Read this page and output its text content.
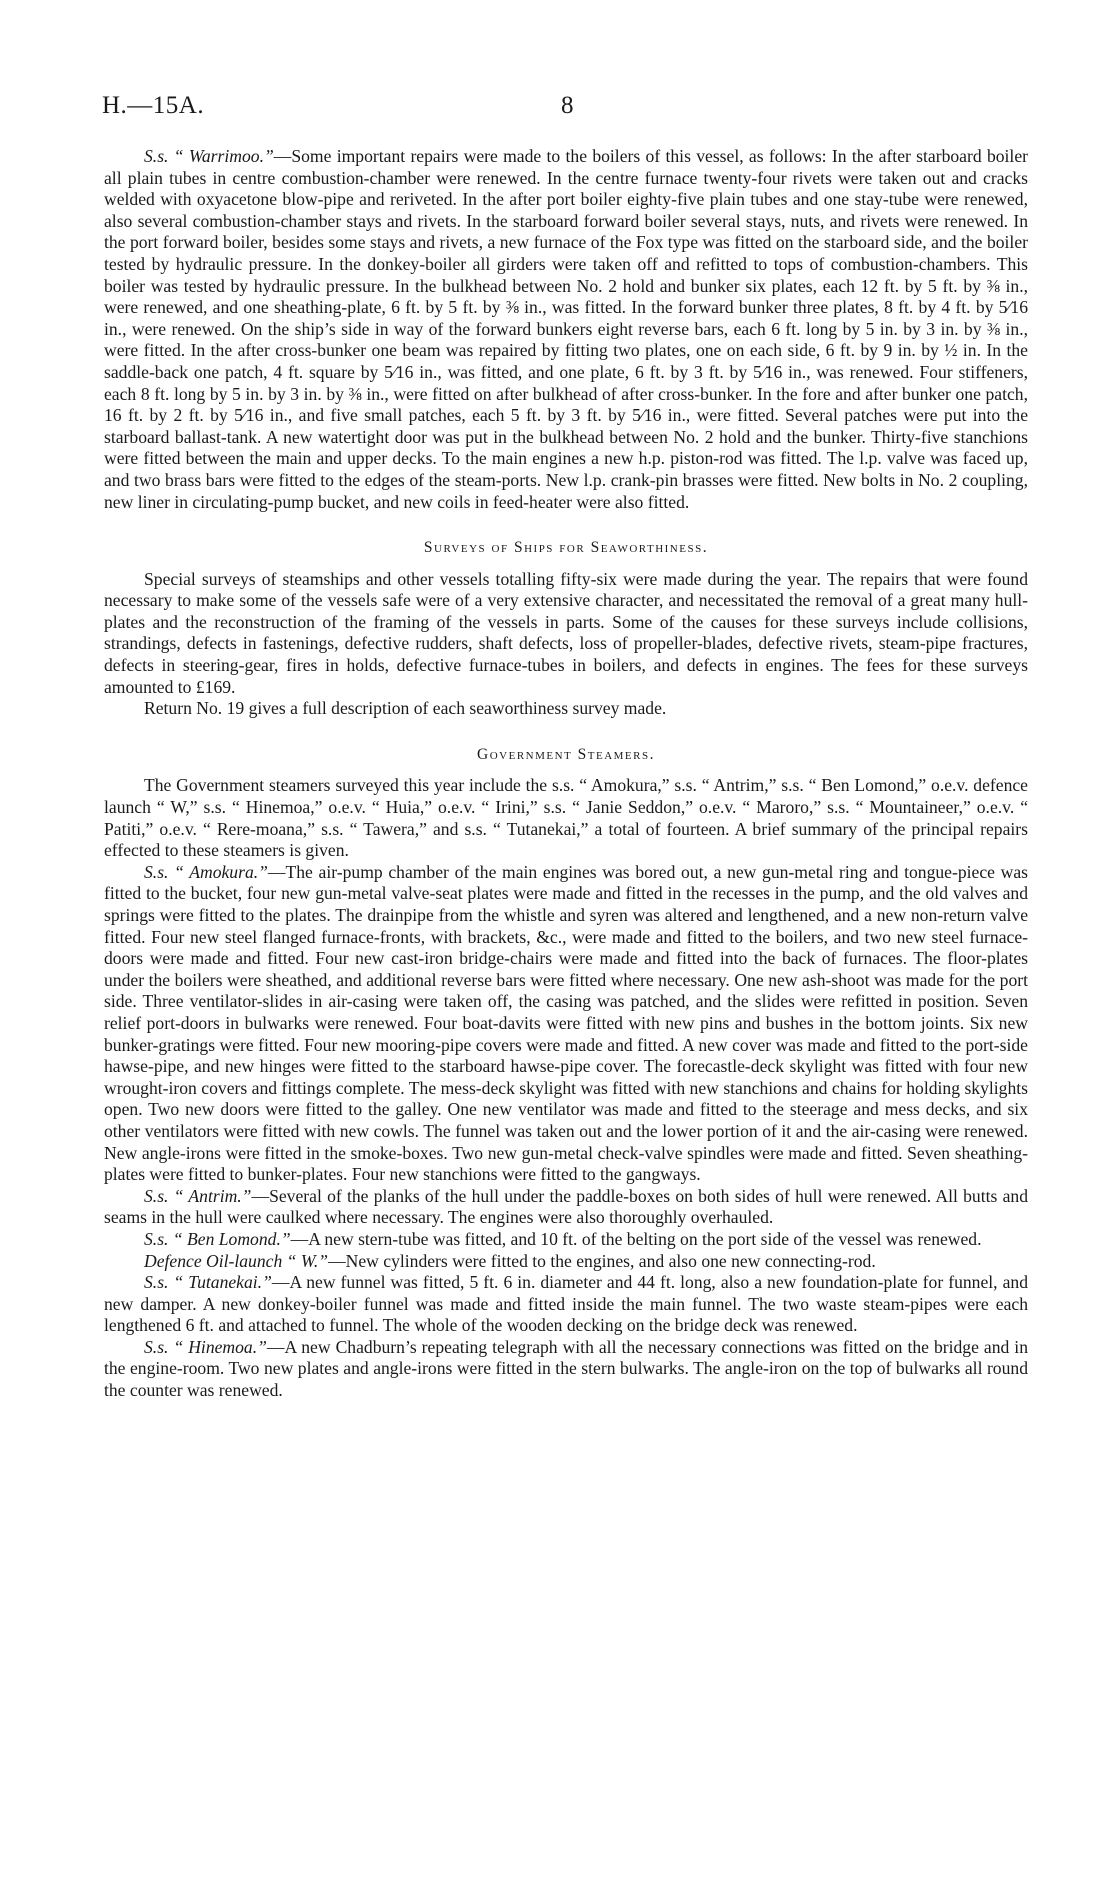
H.—15A.	8

S.s. “ Warrimoo.”—Some important repairs were made to the boilers of this vessel, as follows: In the after starboard boiler all plain tubes in centre combustion-chamber were renewed. In the centre furnace twenty-four rivets were taken out and cracks welded with oxyacetone blow-pipe and reriveted. In the after port boiler eighty-five plain tubes and one stay-tube were renewed, also several combustion-chamber stays and rivets. In the starboard forward boiler several stays, nuts, and rivets were renewed. In the port forward boiler, besides some stays and rivets, a new furnace of the Fox type was fitted on the starboard side, and the boiler tested by hydraulic pressure. In the donkey-boiler all girders were taken off and refitted to tops of combustion-chambers. This boiler was tested by hydraulic pressure. In the bulkhead between No. 2 hold and bunker six plates, each 12 ft. by 5 ft. by ⅜ in., were renewed, and one sheathing-plate, 6 ft. by 5 ft. by ⅜ in., was fitted. In the forward bunker three plates, 8 ft. by 4 ft. by 5⁄16 in., were renewed. On the ship’s side in way of the forward bunkers eight reverse bars, each 6 ft. long by 5 in. by 3 in. by ⅜ in., were fitted. In the after cross-bunker one beam was repaired by fitting two plates, one on each side, 6 ft. by 9 in. by ½ in. In the saddle-back one patch, 4 ft. square by 5⁄16 in., was fitted, and one plate, 6 ft. by 3 ft. by 5⁄16 in., was renewed. Four stiffeners, each 8 ft. long by 5 in. by 3 in. by ⅜ in., were fitted on after bulkhead of after cross-bunker. In the fore and after bunker one patch, 16 ft. by 2 ft. by 5⁄16 in., and five small patches, each 5 ft. by 3 ft. by 5⁄16 in., were fitted. Several patches were put into the starboard ballast-tank. A new watertight door was put in the bulkhead between No. 2 hold and the bunker. Thirty-five stanchions were fitted between the main and upper decks. To the main engines a new h.p. piston-rod was fitted. The l.p. valve was faced up, and two brass bars were fitted to the edges of the steam-ports. New l.p. crank-pin brasses were fitted. New bolts in No. 2 coupling, new liner in circulating-pump bucket, and new coils in feed-heater were also fitted.

Surveys of Ships for Seaworthiness.

Special surveys of steamships and other vessels totalling fifty-six were made during the year. The repairs that were found necessary to make some of the vessels safe were of a very extensive character, and necessitated the removal of a great many hull-plates and the reconstruction of the framing of the vessels in parts. Some of the causes for these surveys include collisions, strandings, defects in fastenings, defective rudders, shaft defects, loss of propeller-blades, defective rivets, steam-pipe fractures, defects in steering-gear, fires in holds, defective furnace-tubes in boilers, and defects in engines. The fees for these surveys amounted to £169.

Return No. 19 gives a full description of each seaworthiness survey made.

Government Steamers.

The Government steamers surveyed this year include the s.s. “ Amokura,” s.s. “ Antrim,” s.s. “ Ben Lomond,” o.e.v. defence launch “ W,” s.s. “ Hinemoa,” o.e.v. “ Huia,” o.e.v. “ Irini,” s.s. “ Janie Seddon,” o.e.v. “ Maroro,” s.s. “ Mountaineer,” o.e.v. “ Patiti,” o.e.v. “ Rere-moana,” s.s. “ Tawera,” and s.s. “ Tutanekai,” a total of fourteen. A brief summary of the principal repairs effected to these steamers is given.

S.s. “ Amokura.”—The air-pump chamber of the main engines was bored out, a new gun-metal ring and tongue-piece was fitted to the bucket, four new gun-metal valve-seat plates were made and fitted in the recesses in the pump, and the old valves and springs were fitted to the plates. The drainpipe from the whistle and syren was altered and lengthened, and a new non-return valve fitted. Four new steel flanged furnace-fronts, with brackets, &c., were made and fitted to the boilers, and two new steel furnace-doors were made and fitted. Four new cast-iron bridge-chairs were made and fitted into the back of furnaces. The floor-plates under the boilers were sheathed, and additional reverse bars were fitted where necessary. One new ash-shoot was made for the port side. Three ventilator-slides in air-casing were taken off, the casing was patched, and the slides were refitted in position. Seven relief port-doors in bulwarks were renewed. Four boat-davits were fitted with new pins and bushes in the bottom joints. Six new bunker-gratings were fitted. Four new mooring-pipe covers were made and fitted. A new cover was made and fitted to the port-side hawse-pipe, and new hinges were fitted to the starboard hawse-pipe cover. The forecastle-deck skylight was fitted with four new wrought-iron covers and fittings complete. The mess-deck skylight was fitted with new stanchions and chains for holding skylights open. Two new doors were fitted to the galley. One new ventilator was made and fitted to the steerage and mess decks, and six other ventilators were fitted with new cowls. The funnel was taken out and the lower portion of it and the air-casing were renewed. New angle-irons were fitted in the smoke-boxes. Two new gun-metal check-valve spindles were made and fitted. Seven sheathing-plates were fitted to bunker-plates. Four new stanchions were fitted to the gangways.

S.s. “ Antrim.”—Several of the planks of the hull under the paddle-boxes on both sides of hull were renewed. All butts and seams in the hull were caulked where necessary. The engines were also thoroughly overhauled.

S.s. “ Ben Lomond.”—A new stern-tube was fitted, and 10 ft. of the belting on the port side of the vessel was renewed.

Defence Oil-launch “ W.”—New cylinders were fitted to the engines, and also one new connecting-rod.

S.s. “ Tutanekai.”—A new funnel was fitted, 5 ft. 6 in. diameter and 44 ft. long, also a new foundation-plate for funnel, and new damper. A new donkey-boiler funnel was made and fitted inside the main funnel. The two waste steam-pipes were each lengthened 6 ft. and attached to funnel. The whole of the wooden decking on the bridge deck was renewed.

S.s. “ Hinemoa.”—A new Chadburn’s repeating telegraph with all the necessary connections was fitted on the bridge and in the engine-room. Two new plates and angle-irons were fitted in the stern bulwarks. The angle-iron on the top of bulwarks all round the counter was renewed.
